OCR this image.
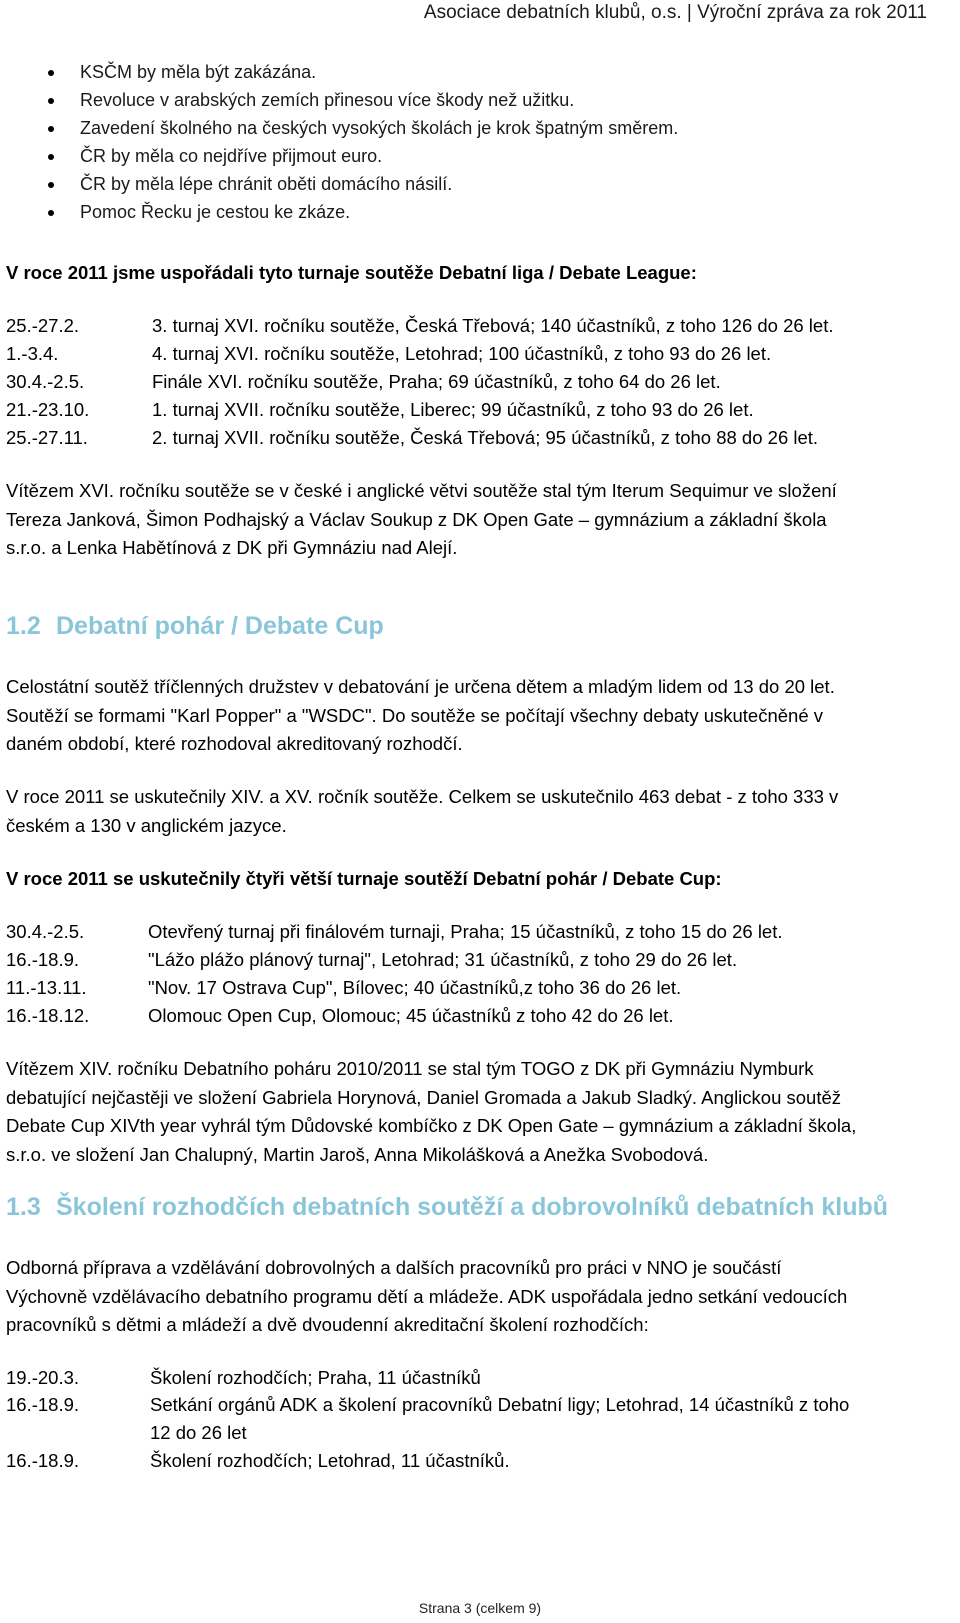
Asociace debatních klubů, o.s. | Výroční zpráva za rok 2011
KSČM by měla být zakázána.
Revoluce v arabských zemích přinesou více škody než užitku.
Zavedení školného na českých vysokých školách je krok špatným směrem.
ČR by měla co nejdříve přijmout euro.
ČR by měla lépe chránit oběti domácího násilí.
Pomoc Řecku je cestou ke zkáze.
V roce 2011 jsme uspořádali tyto turnaje soutěže Debatní liga / Debate League:
25.-27.2.	3. turnaj XVI. ročníku soutěže, Česká Třebová; 140 účastníků, z toho 126 do 26 let.
1.-3.4.	4. turnaj XVI. ročníku soutěže, Letohrad; 100 účastníků, z toho 93 do 26 let.
30.4.-2.5.	Finále XVI. ročníku soutěže, Praha; 69 účastníků, z toho 64 do 26 let.
21.-23.10.	1. turnaj XVII. ročníku soutěže, Liberec; 99 účastníků, z toho 93 do 26 let.
25.-27.11.	2. turnaj XVII. ročníku soutěže, Česká Třebová; 95 účastníků, z toho 88 do 26 let.
Vítězem XVI. ročníku soutěže se v české i anglické větvi soutěže stal tým Iterum Sequimur ve složení
Tereza Janková, Šimon Podhajský a Václav Soukup z DK Open Gate – gymnázium a základní škola
s.r.o. a Lenka Habětínová z DK při Gymnáziu nad Alejí.
1.2 Debatní pohár / Debate Cup
Celostátní soutěž tříčlenných družstev v debatování je určena dětem a mladým lidem od 13 do 20 let.
Soutěží se formami "Karl Popper" a "WSDC". Do soutěže se počítají všechny debaty uskutečněné v
daném období, které rozhodoval akreditovaný rozhodčí.
V roce 2011 se uskutečnily XIV. a XV. ročník soutěže. Celkem se uskutečnilo 463 debat - z toho 333 v
českém a 130 v anglickém jazyce.
V roce 2011 se uskutečnily čtyři větší turnaje soutěží Debatní pohár / Debate Cup:
30.4.-2.5.	Otevřený turnaj při finálovém turnaji, Praha; 15 účastníků, z toho 15 do 26 let.
16.-18.9.	"Lážo plážo plánový turnaj", Letohrad; 31 účastníků, z toho 29 do 26 let.
11.-13.11.	"Nov. 17 Ostrava Cup", Bílovec; 40 účastníků,z toho 36 do 26 let.
16.-18.12.	Olomouc Open Cup, Olomouc; 45 účastníků z toho 42 do 26 let.
Vítězem XIV. ročníku Debatního poháru 2010/2011 se stal tým TOGO z DK při Gymnáziu Nymburk
debatující nejčastěji ve složení Gabriela Horynová, Daniel Gromada a Jakub Sladký. Anglickou soutěž
Debate Cup XIVth year vyhrál tým Důdovské kombíčko z DK Open Gate – gymnázium a základní škola,
s.r.o. ve složení Jan Chalupný, Martin Jaroš, Anna Mikolášková a Anežka Svobodová.
1.3 Školení rozhodčích debatních soutěží a dobrovolníků debatních klubů
Odborná příprava a vzdělávání dobrovolných a dalších pracovníků pro práci v NNO je součástí
Výchovně vzdělávacího debatního programu dětí a mládeže. ADK uspořádala jedno setkání vedoucích
pracovníků s dětmi a mládeží a dvě dvoudenní akreditační školení rozhodčích:
19.-20.3.	Školení rozhodčích; Praha, 11 účastníků
16.-18.9.	Setkání orgánů ADK a školení pracovníků Debatní ligy; Letohrad, 14 účastníků z toho
12 do 26 let
16.-18.9.	Školení rozhodčích; Letohrad, 11 účastníků.
Strana 3 (celkem 9)
